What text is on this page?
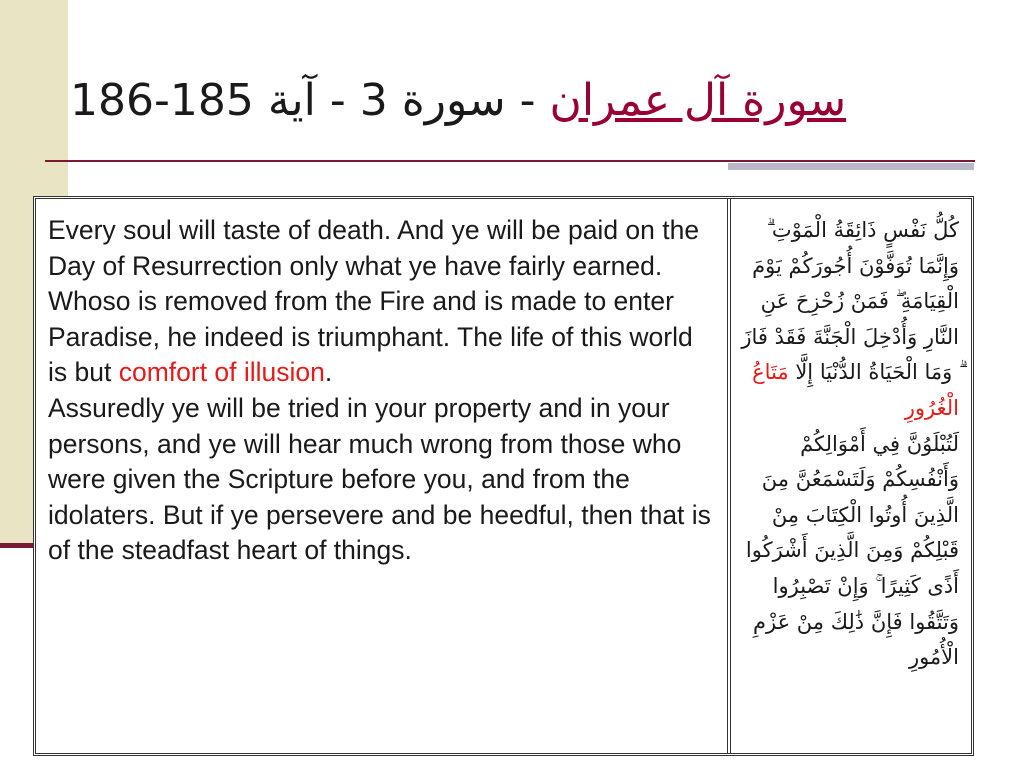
سورة آل عمران - سورة 3 - آية 185-186

Every soul will taste of death. And ye will be paid on the Day of Resurrection only what ye have fairly earned. Whoso is removed from the Fire and is made to enter Paradise, he indeed is triumphant. The life of this world is but comfort of illusion.

Assuredly ye will be tried in your property and in your persons, and ye will hear much wrong from those who were given the Scripture before you, and from the idolaters. But if ye persevere and be heedful, then that is of the steadfast heart of things.

كُلُّ نَفْسٍ ذَائِقَةُ الْمَوْتِ ۗ وَإِنَّمَا تُوَفَّوْنَ أُجُورَكُمْ يَوْمَ الْقِيَامَةِ ۖ فَمَنْ زُحْزِحَ عَنِ النَّارِ وَأُدْخِلَ الْجَنَّةَ فَقَدْ فَازَ ۗ وَمَا الْحَيَاةُ الدُّنْيَا إِلَّا مَتَاعُ الْغُرُورِ

لَتُبْلَوُنَّ فِي أَمْوَالِكُمْ وَأَنْفُسِكُمْ وَلَتَسْمَعُنَّ مِنَ الَّذِينَ أُوتُوا الْكِتَابَ مِنْ قَبْلِكُمْ وَمِنَ الَّذِينَ أَشْرَكُوا أَذًى كَثِيرًا ۚ وَإِنْ تَصْبِرُوا وَتَتَّقُوا فَإِنَّ ذَٰلِكَ مِنْ عَزْمِ الْأُمُورِ
